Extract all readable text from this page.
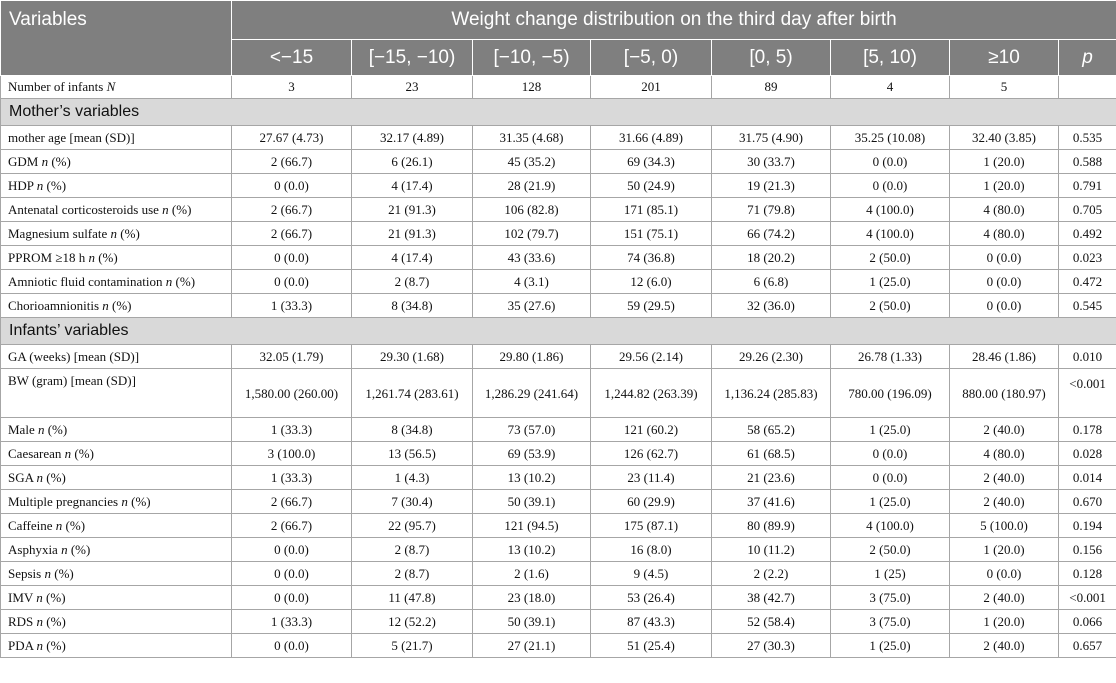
Variables	Weight change distribution on the third day after birth							
	<−15	[−15, −10)	[−10, −5)	[−5, 0)	[0, 5)	[5, 10)	≥10	p
Number of infants N	3	23	128	201	89	4	5	
Mother’s variables								
mother age [mean (SD)]	27.67 (4.73)	32.17 (4.89)	31.35 (4.68)	31.66 (4.89)	31.75 (4.90)	35.25 (10.08)	32.40 (3.85)	0.535
GDM n (%)	2 (66.7)	6 (26.1)	45 (35.2)	69 (34.3)	30 (33.7)	0 (0.0)	1 (20.0)	0.588
HDP n (%)	0 (0.0)	4 (17.4)	28 (21.9)	50 (24.9)	19 (21.3)	0 (0.0)	1 (20.0)	0.791
Antenatal corticosteroids use n (%)	2 (66.7)	21 (91.3)	106 (82.8)	171 (85.1)	71 (79.8)	4 (100.0)	4 (80.0)	0.705
Magnesium sulfate n (%)	2 (66.7)	21 (91.3)	102 (79.7)	151 (75.1)	66 (74.2)	4 (100.0)	4 (80.0)	0.492
PPROM ≥18 h n (%)	0 (0.0)	4 (17.4)	43 (33.6)	74 (36.8)	18 (20.2)	2 (50.0)	0 (0.0)	0.023
Amniotic fluid contamination n (%)	0 (0.0)	2 (8.7)	4 (3.1)	12 (6.0)	6 (6.8)	1 (25.0)	0 (0.0)	0.472
Chorioamnionitis n (%)	1 (33.3)	8 (34.8)	35 (27.6)	59 (29.5)	32 (36.0)	2 (50.0)	0 (0.0)	0.545
Infants’ variables								
GA (weeks) [mean (SD)]	32.05 (1.79)	29.30 (1.68)	29.80 (1.86)	29.56 (2.14)	29.26 (2.30)	26.78 (1.33)	28.46 (1.86)	0.010
BW (gram) [mean (SD)]	1,580.00 (260.00)	1,261.74 (283.61)	1,286.29 (241.64)	1,244.82 (263.39)	1,136.24 (285.83)	780.00 (196.09)	880.00 (180.97)	<0.001
Male n (%)	1 (33.3)	8 (34.8)	73 (57.0)	121 (60.2)	58 (65.2)	1 (25.0)	2 (40.0)	0.178
Caesarean n (%)	3 (100.0)	13 (56.5)	69 (53.9)	126 (62.7)	61 (68.5)	0 (0.0)	4 (80.0)	0.028
SGA n (%)	1 (33.3)	1 (4.3)	13 (10.2)	23 (11.4)	21 (23.6)	0 (0.0)	2 (40.0)	0.014
Multiple pregnancies n (%)	2 (66.7)	7 (30.4)	50 (39.1)	60 (29.9)	37 (41.6)	1 (25.0)	2 (40.0)	0.670
Caffeine n (%)	2 (66.7)	22 (95.7)	121 (94.5)	175 (87.1)	80 (89.9)	4 (100.0)	5 (100.0)	0.194
Asphyxia n (%)	0 (0.0)	2 (8.7)	13 (10.2)	16 (8.0)	10 (11.2)	2 (50.0)	1 (20.0)	0.156
Sepsis n (%)	0 (0.0)	2 (8.7)	2 (1.6)	9 (4.5)	2 (2.2)	1 (25)	0 (0.0)	0.128
IMV n (%)	0 (0.0)	11 (47.8)	23 (18.0)	53 (26.4)	38 (42.7)	3 (75.0)	2 (40.0)	<0.001
RDS n (%)	1 (33.3)	12 (52.2)	50 (39.1)	87 (43.3)	52 (58.4)	3 (75.0)	1 (20.0)	0.066
PDA n (%)	0 (0.0)	5 (21.7)	27 (21.1)	51 (25.4)	27 (30.3)	1 (25.0)	2 (40.0)	0.657
